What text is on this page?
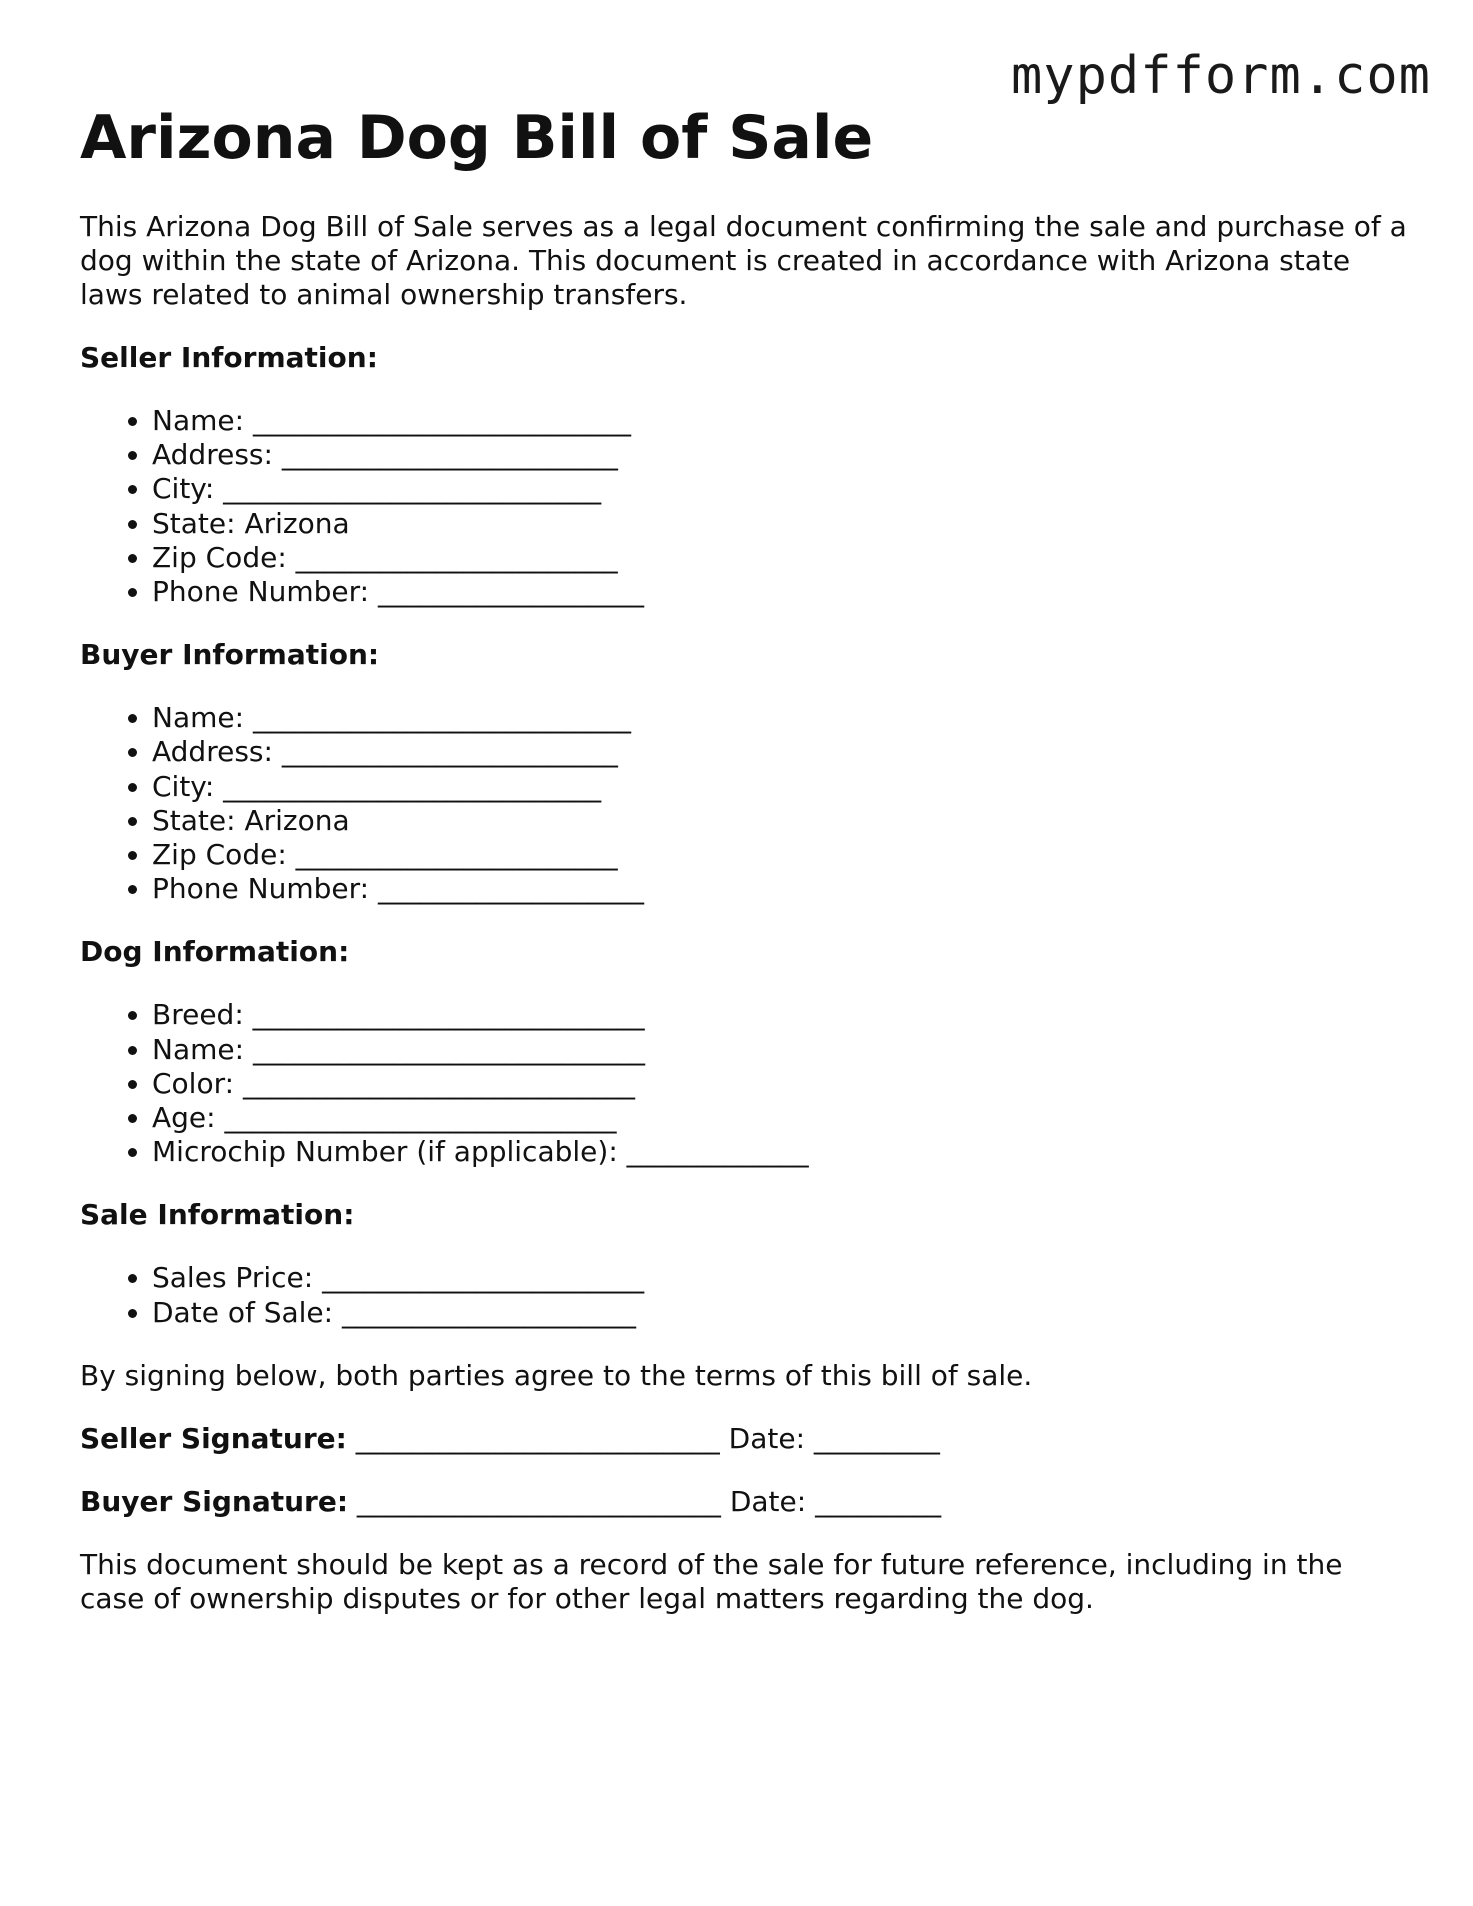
mypdfform.com
Arizona Dog Bill of Sale

This Arizona Dog Bill of Sale serves as a legal document confirming the sale and purchase of a dog within the state of Arizona. This document is created in accordance with Arizona state laws related to animal ownership transfers.

Seller Information:
• Name: ___________________________
• Address: ________________________
• City: ___________________________
• State: Arizona
• Zip Code: _______________________
• Phone Number: ___________________
Buyer Information:
• Name: ___________________________
• Address: ________________________
• City: ___________________________
• State: Arizona
• Zip Code: _______________________
• Phone Number: ___________________
Dog Information:
• Breed: ____________________________
• Name: ____________________________
• Color: ____________________________
• Age: ____________________________
• Microchip Number (if applicable): _____________
Sale Information:
• Sales Price: _______________________
• Date of Sale: _____________________

By signing below, both parties agree to the terms of this bill of sale.

Seller Signature: __________________________ Date: _________

Buyer Signature: __________________________ Date: _________

This document should be kept as a record of the sale for future reference, including in the case of ownership disputes or for other legal matters regarding the dog.
